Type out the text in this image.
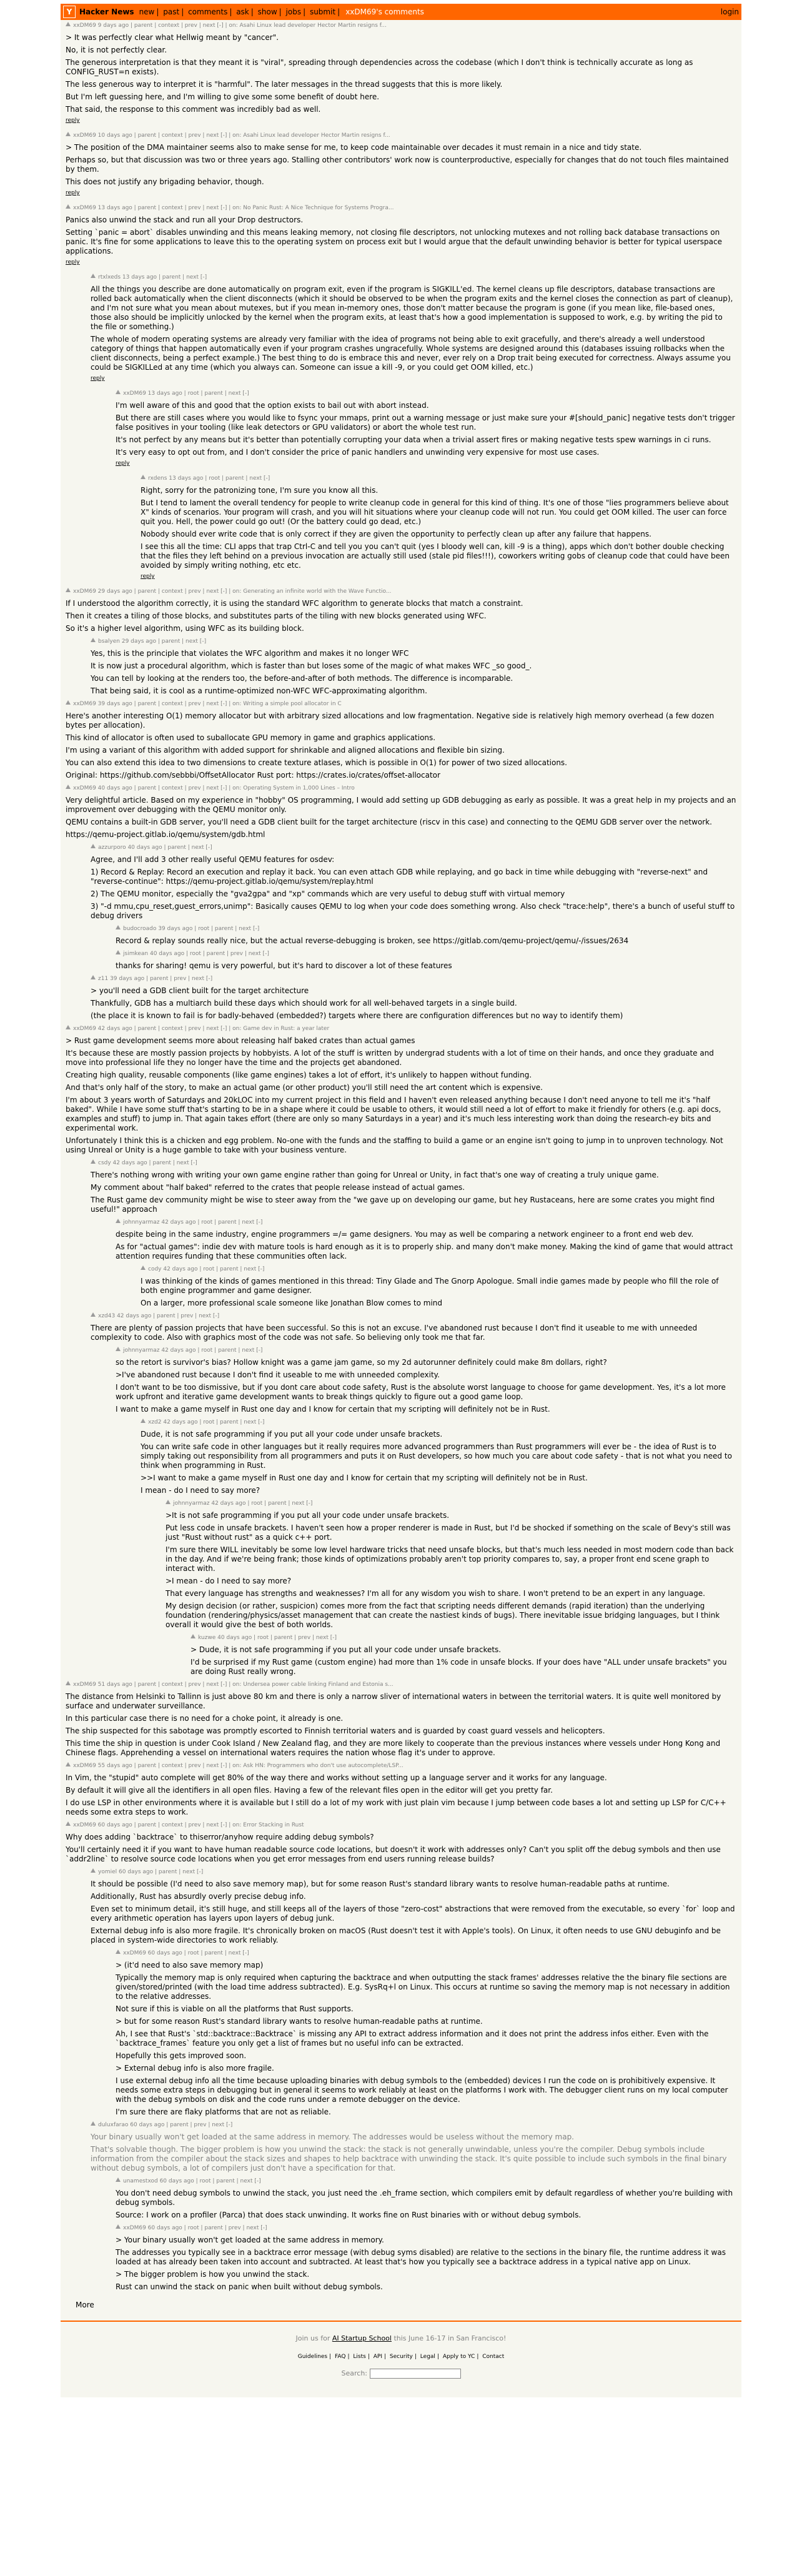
Y Hacker News new | past | comments | ask | show | jobs | submit | xxDM69's comments	login
xxDM69 9 days ago | parent | context | prev | next [-] | on: Asahi Linux lead developer Hector Martin resigns f...
> It was perfectly clear what Hellwig meant by "cancer".
No, it is not perfectly clear.
The generous interpretation is that they meant it is "viral", spreading through dependencies across the codebase (which I don't think is technically accurate as long as CONFIG_RUST=n exists).
The less generous way to interpret it is "harmful". The later messages in the thread suggests that this is more likely.
But I'm left guessing here, and I'm willing to give some some benefit of doubt here.
That said, the response to this comment was incredibly bad as well.
reply
xxDM69 10 days ago | parent | context | prev | next [-] | on: Asahi Linux lead developer Hector Martin resigns f...
> The position of the DMA maintainer seems also to make sense for me, to keep code maintainable over decades it must remain in a nice and tidy state.
Perhaps so, but that discussion was two or three years ago. Stalling other contributors' work now is counterproductive, especially for changes that do not touch files maintained by them.
This does not justify any brigading behavior, though.
reply
xxDM69 13 days ago | parent | context | prev | next [-] | on: No Panic Rust: A Nice Technique for Systems Progra...
Panics also unwind the stack and run all your Drop destructors.
Setting `panic = abort` disables unwinding and this means leaking memory, not closing file descriptors, not unlocking mutexes and not rolling back database transactions on panic. It's fine for some applications to leave this to the operating system on process exit but I would argue that the default unwinding behavior is better for typical userspace applications.
reply
rtxlxeds 13 days ago | parent | next [-]
All the things you describe are done automatically on program exit, even if the program is SIGKILL'ed. The kernel cleans up file descriptors, database transactions are rolled back automatically when the client disconnects (which it should be observed to be when the program exits and the kernel closes the connection as part of cleanup), and I'm not sure what you mean about mutexes, but if you mean in-memory ones, those don't matter because the program is gone (if you mean like, file-based ones, those also should be implicitly unlocked by the kernel when the program exits, at least that's how a good implementation is supposed to work, e.g. by writing the pid to the file or something.)
The whole of modern operating systems are already very familiar with the idea of programs not being able to exit gracefully, and there's already a well understood category of things that happen automatically even if your program crashes ungracefully. Whole systems are designed around this (databases issuing rollbacks when the client disconnects, being a perfect example.) The best thing to do is embrace this and never, ever rely on a Drop trait being executed for correctness. Always assume you could be SIGKILLed at any time (which you always can. Someone can issue a kill -9, or you could get OOM killed, etc.)
reply
xxDM69 13 days ago | root | parent | next [-]
I'm well aware of this and good that the option exists to bail out with abort instead.
But there are still cases where you would like to fsync your mmaps, print out a warning message or just make sure your #[should_panic] negative tests don't trigger false positives in your tooling (like leak detectors or GPU validators) or abort the whole test run.
It's not perfect by any means but it's better than potentially corrupting your data when a trivial assert fires or making negative tests spew warnings in ci runs.
It's very easy to opt out from, and I don't consider the price of panic handlers and unwinding very expensive for most use cases.
reply
rxdens 13 days ago | root | parent | next [-]
Right, sorry for the patronizing tone, I'm sure you know all this.
But I tend to lament the overall tendency for people to write cleanup code in general for this kind of thing. It's one of those "lies programmers believe about X" kinds of scenarios. Your program will crash, and you will hit situations where your cleanup code will not run. You could get OOM killed. The user can force quit you. Hell, the power could go out! (Or the battery could go dead, etc.)
Nobody should ever write code that is only correct if they are given the opportunity to perfectly clean up after any failure that happens.
I see this all the time: CLI apps that trap Ctrl-C and tell you you can't quit (yes I bloody well can, kill -9 is a thing), apps which don't bother double checking that the files they left behind on a previous invocation are actually still used (stale pid files!!!), coworkers writing gobs of cleanup code that could have been avoided by simply writing nothing, etc etc.
reply
xxDM69 29 days ago | parent | context | prev | next [-] | on: Generating an infinite world with the Wave Functio...
If I understood the algorithm correctly, it is using the standard WFC algorithm to generate blocks that match a constraint.
Then it creates a tiling of those blocks, and substitutes parts of the tiling with new blocks generated using WFC.
So it's a higher level algorithm, using WFC as its building block.
bsalyen 29 days ago | parent | next [-]
Yes, this is the principle that violates the WFC algorithm and makes it no longer WFC
It is now just a procedural algorithm, which is faster than but loses some of the magic of what makes WFC _so good_.
You can tell by looking at the renders too, the before-and-after of both methods. The difference is incomparable.
That being said, it is cool as a runtime-optimized non-WFC WFC-approximating algorithm.
xxDM69 39 days ago | parent | context | prev | next [-] | on: Writing a simple pool allocator in C
Here's another interesting O(1) memory allocator but with arbitrary sized allocations and low fragmentation. Negative side is relatively high memory overhead (a few dozen bytes per allocation).
This kind of allocator is often used to suballocate GPU memory in game and graphics applications.
I'm using a variant of this algorithm with added support for shrinkable and aligned allocations and flexible bin sizing.
You can also extend this idea to two dimensions to create texture atlases, which is possible in O(1) for power of two sized allocations.
Original: https://github.com/sebbbi/OffsetAllocator Rust port: https://crates.io/crates/offset-allocator
xxDM69 40 days ago | parent | context | prev | next [-] | on: Operating System in 1,000 Lines – Intro
Very delightful article. Based on my experience in "hobby" OS programming, I would add setting up GDB debugging as early as possible. It was a great help in my projects and an improvement over debugging with the QEMU monitor only.
QEMU contains a built-in GDB server, you'll need a GDB client built for the target architecture (riscv in this case) and connecting to the QEMU GDB server over the network.
https://qemu-project.gitlab.io/qemu/system/gdb.html
azzurporo 40 days ago | parent | next [-]
Agree, and I'll add 3 other really useful QEMU features for osdev:
1) Record & Replay: Record an execution and replay it back. You can even attach GDB while replaying, and go back in time while debugging with "reverse-next" and "reverse-continue": https://qemu-project.gitlab.io/qemu/system/replay.html
2) The QEMU monitor, especially the "gva2gpa" and "xp" commands which are very useful to debug stuff with virtual memory
3) "-d mmu,cpu_reset,guest_errors,unimp": Basically causes QEMU to log when your code does something wrong. Also check "trace:help", there's a bunch of useful stuff to debug drivers
budocroado 39 days ago | root | parent | next [-]
Record & replay sounds really nice, but the actual reverse-debugging is broken, see https://gitlab.com/qemu-project/qemu/-/issues/2634
jsimkean 40 days ago | root | parent | prev | next [-]
thanks for sharing! qemu is very powerful, but it's hard to discover a lot of these features
z11 39 days ago | parent | prev | next [-]
> you'll need a GDB client built for the target architecture
Thankfully, GDB has a multiarch build these days which should work for all well-behaved targets in a single build.
(the place it is known to fail is for badly-behaved (embedded?) targets where there are configuration differences but no way to identify them)
xxDM69 42 days ago | parent | context | prev | next [-] | on: Game dev in Rust: a year later
> Rust game development seems more about releasing half baked crates than actual games
It's because these are mostly passion projects by hobbyists. A lot of the stuff is written by undergrad students with a lot of time on their hands, and once they graduate and move into professional life they no longer have the time and the projects get abandoned.
Creating high quality, reusable components (like game engines) takes a lot of effort, it's unlikely to happen without funding.
And that's only half of the story, to make an actual game (or other product) you'll still need the art content which is expensive.
I'm about 3 years worth of Saturdays and 20kLOC into my current project in this field and I haven't even released anything because I don't need anyone to tell me it's "half baked". While I have some stuff that's starting to be in a shape where it could be usable to others, it would still need a lot of effort to make it friendly for others (e.g. api docs, examples and stuff) to jump in. That again takes effort (there are only so many Saturdays in a year) and it's much less interesting work than doing the research-ey bits and experimental work.
Unfortunately I think this is a chicken and egg problem. No-one with the funds and the staffing to build a game or an engine isn't going to jump in to unproven technology. Not using Unreal or Unity is a huge gamble to take with your business venture.
csdy 42 days ago | parent | next [-]
There's nothing wrong with writing your own game engine rather than going for Unreal or Unity, in fact that's one way of creating a truly unique game.
My comment about "half baked" referred to the crates that people release instead of actual games.
The Rust game dev community might be wise to steer away from the "we gave up on developing our game, but hey Rustaceans, here are some crates you might find useful!" approach
johnnyarmaz 42 days ago | root | parent | next [-]
despite being in the same industry, engine programmers =/= game designers. You may as well be comparing a network engineer to a front end web dev.
As for "actual games": indie dev with mature tools is hard enough as it is to properly ship. and many don't make money. Making the kind of game that would attract attention requires funding that these communities often lack.
cody 42 days ago | root | parent | next [-]
I was thinking of the kinds of games mentioned in this thread: Tiny Glade and The Gnorp Apologue. Small indie games made by people who fill the role of both engine programmer and game designer.
On a larger, more professional scale someone like Jonathan Blow comes to mind
xzd43 42 days ago | parent | prev | next [-]
There are plenty of passion projects that have been successful. So this is not an excuse. I've abandoned rust because I don't find it useable to me with unneeded complexity to code. Also with graphics most of the code was not safe. So believing only took me that far.
johnnyarmaz 42 days ago | root | parent | next [-]
so the retort is survivor's bias? Hollow knight was a game jam game, so my 2d autorunner definitely could make 8m dollars, right?
>I've abandoned rust because I don't find it useable to me with unneeded complexity.
I don't want to be too dismissive, but if you dont care about code safety, Rust is the absolute worst language to choose for game development. Yes, it's a lot more work upfront and iterative game development wants to break things quickly to figure out a good game loop.
I want to make a game myself in Rust one day and I know for certain that my scripting will definitely not be in Rust.
xzd2 42 days ago | root | parent | next [-]
Dude, it is not safe programming if you put all your code under unsafe brackets.
You can write safe code in other languages but it really requires more advanced programmers than Rust programmers will ever be - the idea of Rust is to simply taking out responsibility from all programmers and puts it on Rust developers, so how much you care about code safety - that is not what you need to think when programming in Rust.
>>I want to make a game myself in Rust one day and I know for certain that my scripting will definitely not be in Rust.
I mean - do I need to say more?
johnnyarmaz 42 days ago | root | parent | next [-]
>It is not safe programming if you put all your code under unsafe brackets.
Put less code in unsafe brackets. I haven't seen how a proper renderer is made in Rust, but I'd be shocked if something on the scale of Bevy's still was just "Rust without rust" as a quick c++ port.
I'm sure there WILL inevitably be some low level hardware tricks that need unsafe blocks, but that's much less needed in most modern code than back in the day. And if we're being frank; those kinds of optimizations probably aren't top priority compares to, say, a proper front end scene graph to interact with.
>I mean - do I need to say more?
That every language has strengths and weaknesses? I'm all for any wisdom you wish to share. I won't pretend to be an expert in any language.
My design decision (or rather, suspicion) comes more from the fact that scripting needs different demands (rapid iteration) than the underlying foundation (rendering/physics/asset management that can create the nastiest kinds of bugs). There inevitable issue bridging languages, but I think overall it would give the best of both worlds.
kuzwe 40 days ago | root | parent | prev | next [-]
> Dude, it is not safe programming if you put all your code under unsafe brackets.
I'd be surprised if my Rust game (custom engine) had more than 1% code in unsafe blocks. If your does have "ALL under unsafe brackets" you are doing Rust really wrong.
xxDM69 51 days ago | parent | context | prev | next [-] | on: Undersea power cable linking Finland and Estonia s...
The distance from Helsinki to Tallinn is just above 80 km and there is only a narrow sliver of international waters in between the territorial waters. It is quite well monitored by surface and underwater surveillance.
In this particular case there is no need for a choke point, it already is one.
The ship suspected for this sabotage was promptly escorted to Finnish territorial waters and is guarded by coast guard vessels and helicopters.
This time the ship in question is under Cook Island / New Zealand flag, and they are more likely to cooperate than the previous instances where vessels under Hong Kong and Chinese flags. Apprehending a vessel on international waters requires the nation whose flag it's under to approve.
xxDM69 55 days ago | parent | context | prev | next [-] | on: Ask HN: Programmers who don't use autocomplete/LSP...
In Vim, the "stupid" auto complete will get 80% of the way there and works without setting up a language server and it works for any language.
By default it will give all the identifiers in all open files. Having a few of the relevant files open in the editor will get you pretty far.
I do use LSP in other environments where it is available but I still do a lot of my work with just plain vim because I jump between code bases a lot and setting up LSP for C/C++ needs some extra steps to work.
xxDM69 60 days ago | parent | context | prev | next [-] | on: Error Stacking in Rust
Why does adding `backtrace` to thiserror/anyhow require adding debug symbols?
You'll certainly need it if you want to have human readable source code locations, but doesn't it work with addresses only? Can't you split off the debug symbols and then use `addr2line` to resolve source code locations when you get error messages from end users running release builds?
yomiel 60 days ago | parent | next [-]
It should be possible (I'd need to also save memory map), but for some reason Rust's standard library wants to resolve human-readable paths at runtime.
Additionally, Rust has absurdly overly precise debug info.
Even set to minimum detail, it's still huge, and still keeps all of the layers of those "zero-cost" abstractions that were removed from the executable, so every `for` loop and every arithmetic operation has layers upon layers of debug junk.
External debug info is also more fragile. It's chronically broken on macOS (Rust doesn't test it with Apple's tools). On Linux, it often needs to use GNU debuginfo and be placed in system-wide directories to work reliably.
xxDM69 60 days ago | root | parent | next [-]
> (it'd need to also save memory map)
Typically the memory map is only required when capturing the backtrace and when outputting the stack frames' addresses relative the the binary file sections are given/stored/printed (with the load time address subtracted). E.g. SysRq+l on Linux. This occurs at runtime so saving the memory map is not necessary in addition to the relative addresses.
Not sure if this is viable on all the platforms that Rust supports.
> but for some reason Rust's standard library wants to resolve human-readable paths at runtime.
Ah, I see that Rust's `std::backtrace::Backtrace` is missing any API to extract address information and it does not print the address infos either. Even with the `backtrace_frames` feature you only get a list of frames but no useful info can be extracted.
Hopefully this gets improved soon.
> External debug info is also more fragile.
I use external debug info all the time because uploading binaries with debug symbols to the (embedded) devices I run the code on is prohibitively expensive. It needs some extra steps in debugging but in general it seems to work reliably at least on the platforms I work with. The debugger client runs on my local computer with the debug symbols on disk and the code runs under a remote debugger on the device.
I'm sure there are flaky platforms that are not as reliable.
duluxfarao 60 days ago | parent | prev | next [-]
Your binary usually won't get loaded at the same address in memory. The addresses would be useless without the memory map.
That's solvable though. The bigger problem is how you unwind the stack: the stack is not generally unwindable, unless you're the compiler. Debug symbols include information from the compiler about the stack sizes and shapes to help backtrace with unwinding the stack. It's quite possible to include such symbols in the final binary without debug symbols, a lot of compilers just don't have a specification for that.
unamestxod 60 days ago | root | parent | next [-]
You don't need debug symbols to unwind the stack, you just need the .eh_frame section, which compilers emit by default regardless of whether you're building with debug symbols.
Source: I work on a profiler (Parca) that does stack unwinding. It works fine on Rust binaries with or without debug symbols.
xxDM69 60 days ago | root | parent | prev | next [-]
> Your binary usually won't get loaded at the same address in memory.
The addresses you typically see in a backtrace error message (with debug syms disabled) are relative to the sections in the binary file, the runtime address it was loaded at has already been taken into account and subtracted. At least that's how you typically see a backtrace address in a typical native app on Linux.
> The bigger problem is how you unwind the stack.
Rust can unwind the stack on panic when built without debug symbols.
More
Join us for AI Startup School this June 16-17 in San Francisco!
Guidelines | FAQ | Lists | API | Security | Legal | Apply to YC | Contact
Search:
